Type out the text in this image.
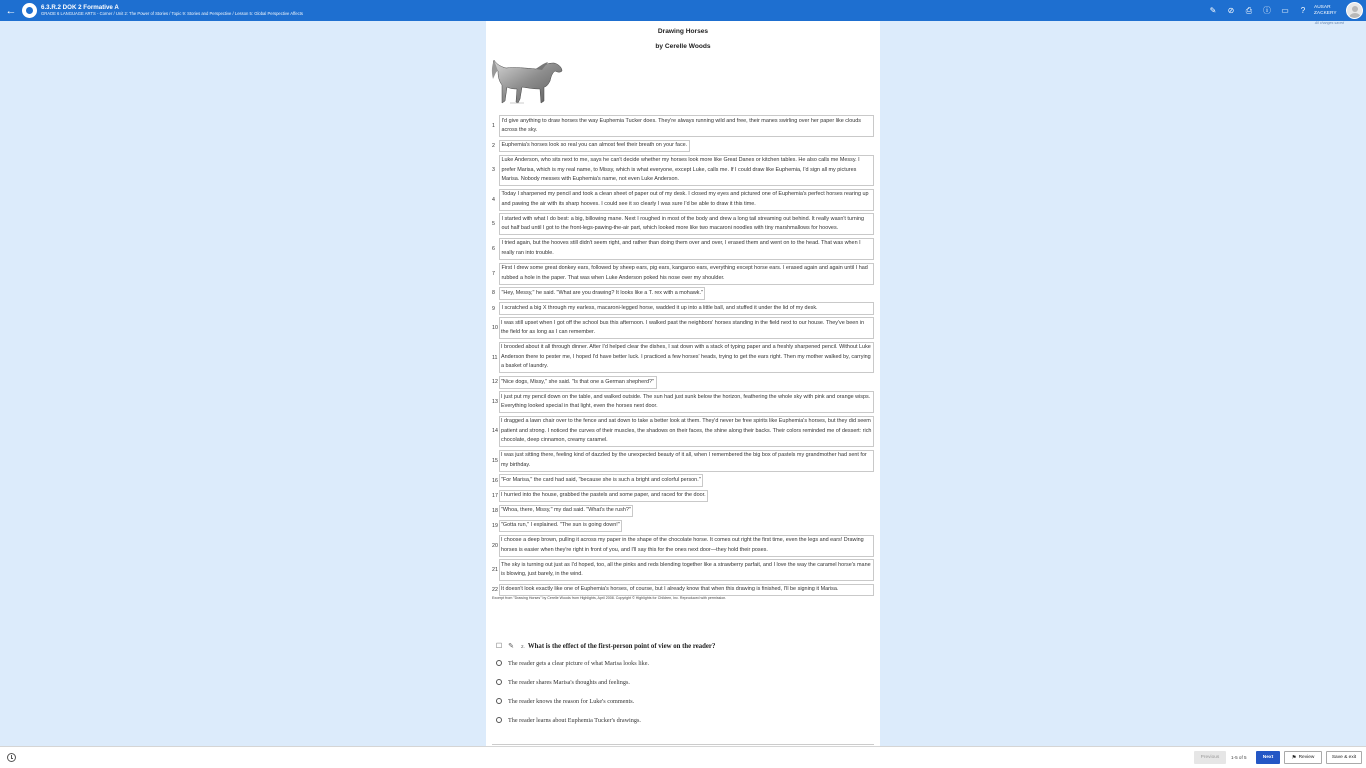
←	6.3.R.2 DOK 2 Formative A
GRADE 6 LANGUAGE ARTS - Corner / Unit 2: The Power of Stories / Topic 9: Stories and Perspective / Lesson 5: Global Perspective Affects	✎	⊘	⎙	ⓘ	▭	?	AUSAR
ZACKERY
All changes saved
Drawing Horses
by Cerelle Woods
1
I'd give anything to draw horses the way Euphemia Tucker does. They're always running wild and free, their manes swirling over her paper like clouds across the sky.
2	Euphemia's horses look so real you can almost feel their breath on your face.
3
Luke Anderson, who sits next to me, says he can't decide whether my horses look more like Great Danes or kitchen tables. He also calls me Messy. I prefer Marisa, which is my real name, to Missy, which is what everyone, except Luke, calls me. If I could draw like Euphemia, I'd sign all my pictures Marisa. Nobody messes with Euphemia's name, not even Luke Anderson.
4
Today I sharpened my pencil and took a clean sheet of paper out of my desk. I closed my eyes and pictured one of Euphemia's perfect horses rearing up and pawing the air with its sharp hooves. I could see it so clearly I was sure I'd be able to draw it this time.
5
I started with what I do best: a big, billowing mane. Next I roughed in most of the body and drew a long tail streaming out behind. It really wasn't turning out half bad until I got to the front-legs-pawing-the-air part, which looked more like two macaroni noodles with tiny marshmallows for hooves.
6
I tried again, but the hooves still didn't seem right, and rather than doing them over and over, I erased them and went on to the head. That was when I really ran into trouble.
7
First I drew some great donkey ears, followed by sheep ears, pig ears, kangaroo ears, everything except horse ears. I erased again and again until I had rubbed a hole in the paper. That was when Luke Anderson poked his nose over my shoulder.
8	"Hey, Messy," he said. "What are you drawing? It looks like a T. rex with a mohawk."
9	I scratched a big X through my earless, macaroni-legged horse, wadded it up into a little ball, and stuffed it under the lid of my desk.
10
I was still upset when I got off the school bus this afternoon. I walked past the neighbors' horses standing in the field next to our house. They've been in the field for as long as I can remember.
11
I brooded about it all through dinner. After I'd helped clear the dishes, I sat down with a stack of typing paper and a freshly sharpened pencil. Without Luke Anderson there to pester me, I hoped I'd have better luck. I practiced a few horses' heads, trying to get the ears right. Then my mother walked by, carrying a basket of laundry.
12 "Nice dogs, Missy," she said. "Is that one a German shepherd?"
13
I just put my pencil down on the table, and walked outside. The sun had just sunk below the horizon, feathering the whole sky with pink and orange wisps. Everything looked special in that light, even the horses next door.
14
I dragged a lawn chair over to the fence and sat down to take a better look at them. They'd never be free spirits like Euphemia's horses, but they did seem patient and strong. I noticed the curves of their muscles, the shadows on their faces, the shine along their backs. Their colors reminded me of dessert: rich chocolate, deep cinnamon, creamy caramel.
15
I was just sitting there, feeling kind of dazzled by the unexpected beauty of it all, when I remembered the big box of pastels my grandmother had sent for my birthday.
16 "For Marisa," the card had said, "because she is such a bright and colorful person."
17 I hurried into the house, grabbed the pastels and some paper, and raced for the door.
18 "Whoa, there, Missy," my dad said. "What's the rush?"
19 "Gotta run," I explained. "The sun is going down!"
20
I choose a deep brown, pulling it across my paper in the shape of the chocolate horse. It comes out right the first time, even the legs and ears! Drawing horses is easier when they're right in front of you, and I'll say this for the ones next door—they hold their poses.
21
The sky is turning out just as I'd hoped, too, all the pinks and reds blending together like a strawberry parfait, and I love the way the caramel horse's mane is blowing, just barely, in the wind.
22 It doesn't look exactly like one of Euphemia's horses, of course, but I already know that when this drawing is finished, I'll be signing it Marisa.
Excerpt from "Drawing Horses" by Cerelle Woods from Highlights, April 2008. Copyright © Highlights for Children, Inc. Reproduced with permission.
☐ ✎	2. What is the effect of the first-person point of view on the reader?
The reader gets a clear picture of what Marisa looks like.
The reader shares Marisa's thoughts and feelings.
The reader knows the reason for Luke's comments.
The reader learns about Euphemia Tucker's drawings.
Previous	1-5 of 5	Next	⚑ Review	Save & exit
